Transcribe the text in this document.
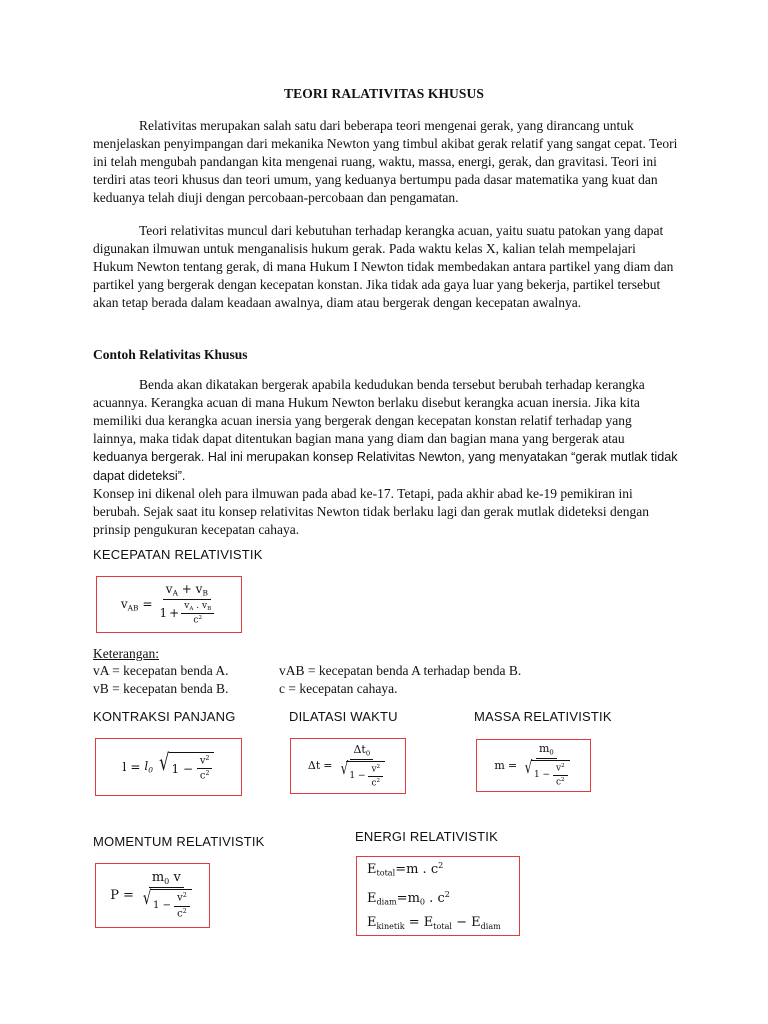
TEORI RALATIVITAS KHUSUS
Relativitas merupakan salah satu dari beberapa teori mengenai gerak, yang dirancang untuk menjelaskan penyimpangan dari mekanika Newton yang timbul akibat gerak relatif yang sangat cepat. Teori ini telah mengubah pandangan kita mengenai ruang, waktu, massa, energi, gerak, dan gravitasi. Teori ini terdiri atas teori khusus dan teori umum, yang keduanya bertumpu pada dasar matematika yang kuat dan keduanya telah diuji dengan percobaan-percobaan dan pengamatan.
Teori relativitas muncul dari kebutuhan terhadap kerangka acuan, yaitu suatu patokan yang dapat digunakan ilmuwan untuk menganalisis hukum gerak. Pada waktu kelas X, kalian telah mempelajari Hukum Newton tentang gerak, di mana Hukum I Newton tidak membedakan antara partikel yang diam dan partikel yang bergerak dengan kecepatan konstan. Jika tidak ada gaya luar yang bekerja, partikel tersebut akan tetap berada dalam keadaan awalnya, diam atau bergerak dengan kecepatan awalnya.
Contoh Relativitas Khusus
Benda akan dikatakan bergerak apabila kedudukan benda tersebut berubah terhadap kerangka acuannya. Kerangka acuan di mana Hukum Newton berlaku disebut kerangka acuan inersia. Jika kita memiliki dua kerangka acuan inersia yang bergerak dengan kecepatan konstan relatif terhadap yang lainnya, maka tidak dapat ditentukan bagian mana yang diam dan bagian mana yang bergerak atau keduanya bergerak. Hal ini merupakan konsep Relativitas Newton, yang menyatakan “gerak mutlak tidak dapat dideteksi”.
Konsep ini dikenal oleh para ilmuwan pada abad ke-17. Tetapi, pada akhir abad ke-19 pemikiran ini berubah. Sejak saat itu konsep relativitas Newton tidak berlaku lagi dan gerak mutlak dideteksi dengan prinsip pengukuran kecepatan cahaya.
KECEPATAN RELATIVISTIK
$v_{AB} = \frac{v_A + v_B}{1 + \frac{v_A . v_B}{c^2}}$
Keterangan:
vA = kecepatan benda A.
vB = kecepatan benda B.
vAB = kecepatan benda A terhadap benda B.
c = kecepatan cahaya.
KONTRAKSI PANJANG	DILATASI WAKTU	MASSA RELATIVISTIK
$l = l_0$ √ 1
−
$\frac{v^2}{c^2}$	$\Delta t = \Delta t_0$
√ 1
−
$\frac{v^2}{c^2}$	$m = m_0$
√ 1
−
$\frac{v^2}{c^2}$
MOMENTUM RELATIVISTIK	ENERGI RELATIVISTIK
$P = m_0$ v
√ 1
−
$\frac{v^2}{c^2}$
$E_{total}=m$ . $c^2$
$E_{diam}=m_0$ . $c^2$
$E_{kinetik} = E_{total} - E_{diam}$
